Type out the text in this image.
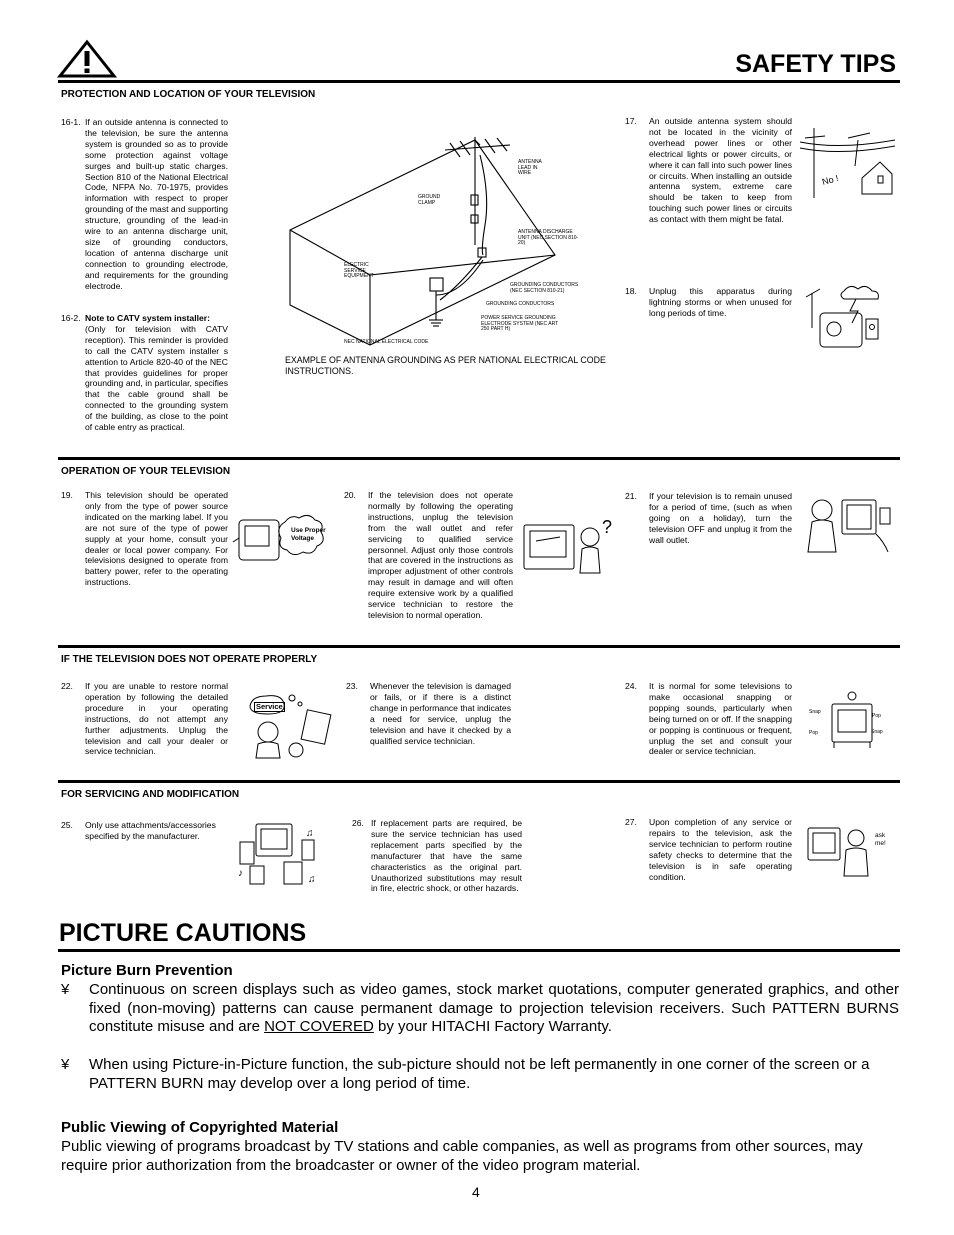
SAFETY TIPS
PROTECTION AND LOCATION OF YOUR TELEVISION
16-1. If an outside antenna is connected to the television, be sure the antenna system is grounded so as to provide some protection against voltage surges and built-up static charges. Section 810 of the National Electrical Code, NFPA No. 70-1975, provides information with respect to proper grounding of the mast and supporting structure, grounding of the lead-in wire to an antenna discharge unit, size of grounding conductors, location of antenna discharge unit connection to grounding electrode, and requirements for the grounding electrode.
16-2. Note to CATV system installer:
(Only for television with CATV reception). This reminder is provided to call the CATV system installer s attention to Article 820-40 of the NEC that provides guidelines for proper grounding and, in particular, specifies that the cable ground shall be connected to the grounding system of the building, as close to the point of cable entry as practical.
ANTENNA LEAD IN WIRE
GROUND CLAMP
ANTENNA DISCHARGE UNIT (NEC SECTION 810-20)
ELECTRIC SERVICE EQUIPMENT
GROUNDING CONDUCTORS (NEC SECTION 810-21)
GROUNDING CONDUCTORS
POWER SERVICE GROUNDING ELECTRODE SYSTEM (NEC ART 250 PART H)
NEC NATIONAL ELECTRICAL CODE
EXAMPLE OF ANTENNA GROUNDING AS PER NATIONAL ELECTRICAL CODE INSTRUCTIONS.
17. An outside antenna system should not be located in the vicinity of overhead power lines or other electrical lights or power circuits, or where it can fall into such power lines or circuits. When installing an outside antenna system, extreme care should be taken to keep from touching such power lines or circuits as contact with them might be fatal.
No !
18. Unplug this apparatus during lightning storms or when unused for long periods of time.
OPERATION OF YOUR TELEVISION
19. This television should be operated only from the type of power source indicated on the marking label. If you are not sure of the type of power supply at your home, consult your dealer or local power company. For televisions designed to operate from battery power, refer to the operating instructions.
Use Proper Voltage
20. If the television does not operate normally by following the operating instructions, unplug the television from the wall outlet and refer servicing to qualified service personnel. Adjust only those controls that are covered in the instructions as improper adjustment of other controls may result in damage and will often require extensive work by a qualified service technician to restore the television to normal operation.
?
21. If your television is to remain unused for a period of time, (such as when going on a holiday), turn the television OFF and unplug it from the wall outlet.
IF THE TELEVISION DOES NOT OPERATE PROPERLY
22. If you are unable to restore normal operation by following the detailed procedure in your operating instructions, do not attempt any further adjustments. Unplug the television and call your dealer or service technician.
Service
23. Whenever the television is damaged or fails, or if there is a distinct change in performance that indicates a need for service, unplug the television and have it checked by a qualified service technician.
24. It is normal for some televisions to make occasional snapping or popping sounds, particularly when being turned on or off. If the snapping or popping is continuous or frequent, unplug the set and consult your dealer or service technician.
Snap
Pop
Pop	Snap
FOR SERVICING AND MODIFICATION
25. Only use attachments/accessories specified by the manufacturer.	♫
♪
♫
26. If replacement parts are required, be sure the service technician has used replacement parts specified by the manufacturer that have the same characteristics as the original part. Unauthorized substitutions may result in fire, electric shock, or other hazards.
27. Upon completion of any service or repairs to the television, ask the service technician to perform routine safety checks to determine that the television is in safe operating condition.
ask me!
PICTURE CAUTIONS
Picture Burn Prevention
¥ Continuous on screen displays such as video games, stock market quotations, computer generated graphics, and other fixed (non-moving) patterns can cause permanent damage to projection television receivers. Such PATTERN BURNS constitute misuse and are NOT COVERED by your HITACHI Factory Warranty.
¥ When using Picture-in-Picture function, the sub-picture should not be left permanently in one corner of the screen or a PATTERN BURN may develop over a long period of time.
Public Viewing of Copyrighted Material
Public viewing of programs broadcast by TV stations and cable companies, as well as programs from other sources, may require prior authorization from the broadcaster or owner of the video program material.
4
